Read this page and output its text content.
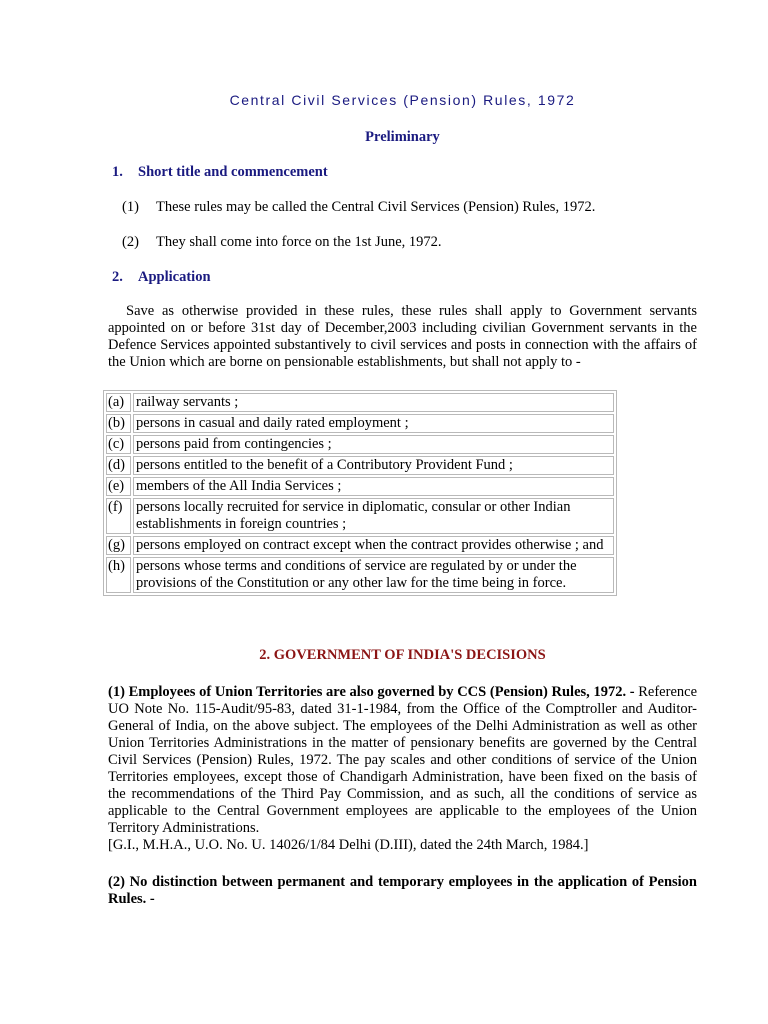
Central Civil Services (Pension) Rules, 1972
Preliminary
1. Short title and commencement
(1) These rules may be called the Central Civil Services (Pension) Rules, 1972.
(2) They shall come into force on the 1st June, 1972.
2. Application
Save as otherwise provided in these rules, these rules shall apply to Government servants appointed on or before 31st day of December,2003 including civilian Government servants in the Defence Services appointed substantively to civil services and posts in connection with the affairs of the Union which are borne on pensionable establishments, but shall not apply to -
(a)	railway servants ;
(b)	persons in casual and daily rated employment ;
(c)	persons paid from contingencies ;
(d)	persons entitled to the benefit of a Contributory Provident Fund ;
(e)	members of the All India Services ;
(f)	persons locally recruited for service in diplomatic, consular or other Indian establishments in foreign countries ;
(g)	persons employed on contract except when the contract provides otherwise ; and
(h)	persons whose terms and conditions of service are regulated by or under the provisions of the Constitution or any other law for the time being in force.
2. GOVERNMENT OF INDIA'S DECISIONS
(1) Employees of Union Territories are also governed by CCS (Pension) Rules, 1972. - Reference UO Note No. 115-Audit/95-83, dated 31-1-1984, from the Office of the Comptroller and Auditor-General of India, on the above subject. The employees of the Delhi Administration as well as other Union Territories Administrations in the matter of pensionary benefits are governed by the Central Civil Services (Pension) Rules, 1972. The pay scales and other conditions of service of the Union Territories employees, except those of Chandigarh Administration, have been fixed on the basis of the recommendations of the Third Pay Commission, and as such, all the conditions of service as applicable to the Central Government employees are applicable to the employees of the Union Territory Administrations.
[G.I., M.H.A., U.O. No. U. 14026/1/84 Delhi (D.III), dated the 24th March, 1984.]
(2) No distinction between permanent and temporary employees in the application of Pension Rules. -
